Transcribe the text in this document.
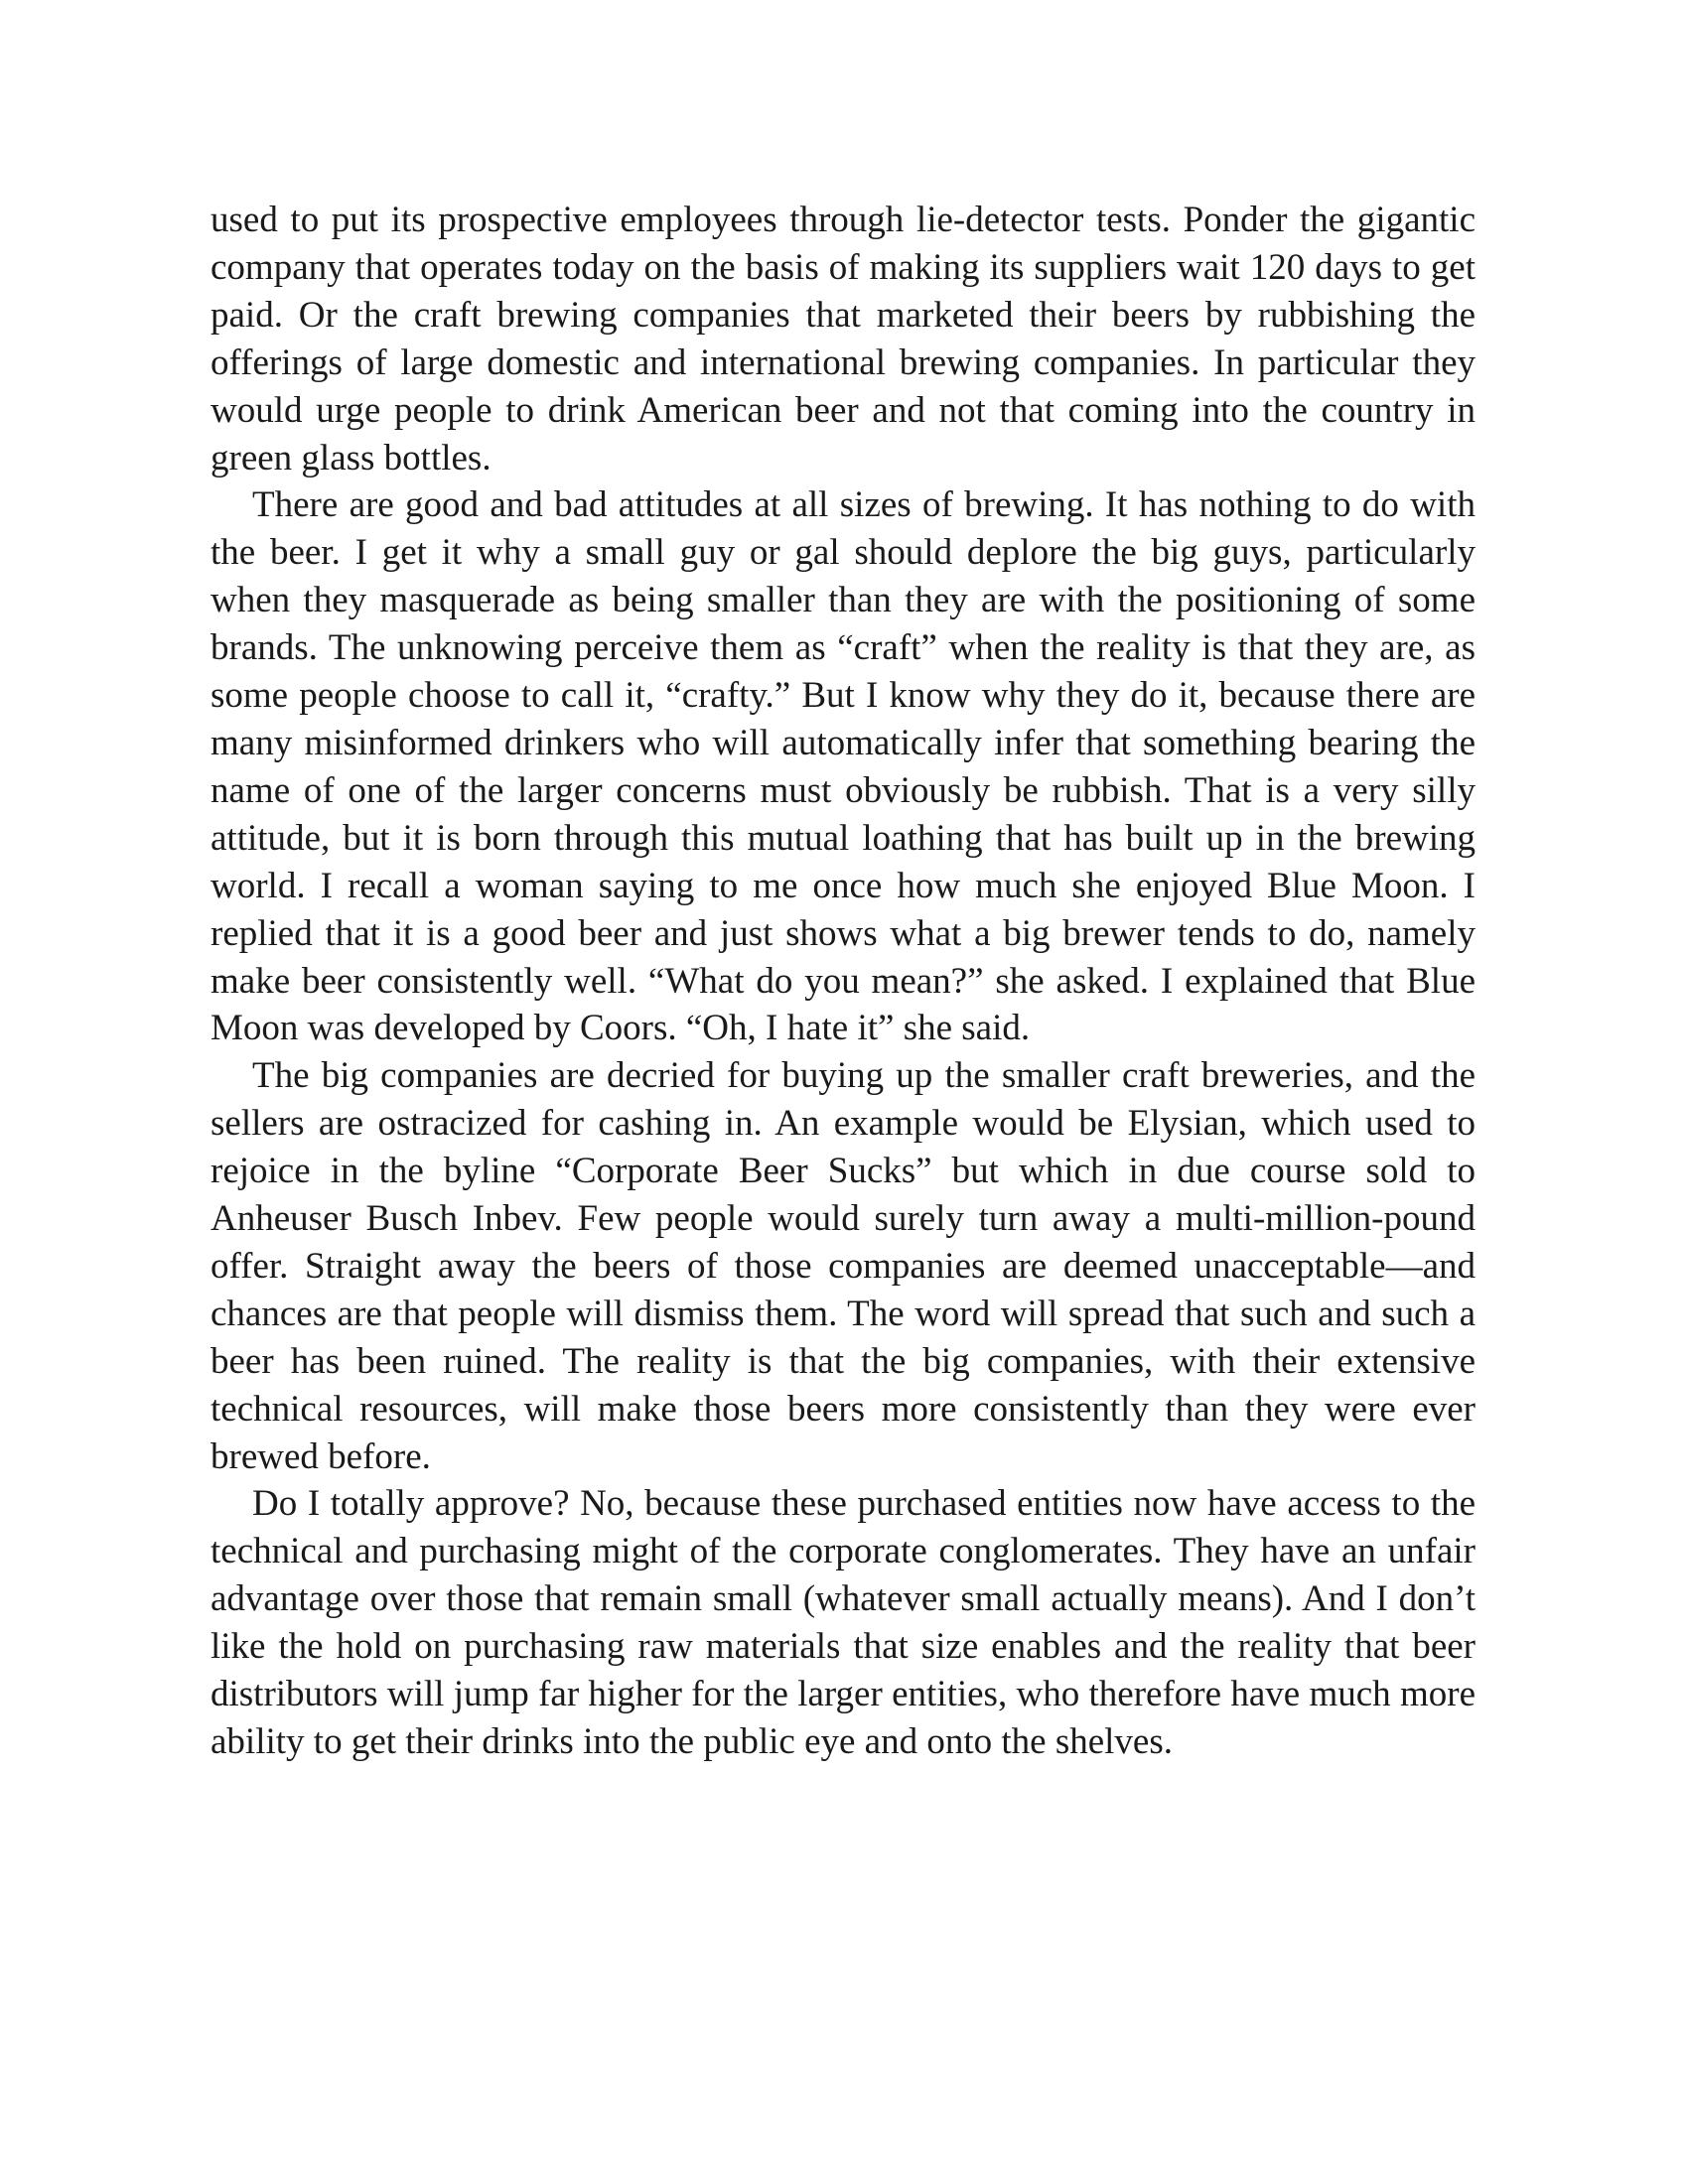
used to put its prospective employees through lie-detector tests. Ponder the gigantic company that operates today on the basis of making its suppliers wait 120 days to get paid. Or the craft brewing companies that marketed their beers by rubbishing the offerings of large domestic and international brewing companies. In particular they would urge people to drink American beer and not that coming into the country in green glass bottles.

There are good and bad attitudes at all sizes of brewing. It has nothing to do with the beer. I get it why a small guy or gal should deplore the big guys, particularly when they masquerade as being smaller than they are with the positioning of some brands. The unknowing perceive them as “craft” when the reality is that they are, as some people choose to call it, “crafty.” But I know why they do it, because there are many misinformed drinkers who will automatically infer that something bearing the name of one of the larger concerns must obviously be rubbish. That is a very silly attitude, but it is born through this mutual loathing that has built up in the brewing world. I recall a woman saying to me once how much she enjoyed Blue Moon. I replied that it is a good beer and just shows what a big brewer tends to do, namely make beer consistently well. “What do you mean?” she asked. I explained that Blue Moon was developed by Coors. “Oh, I hate it” she said.

The big companies are decried for buying up the smaller craft breweries, and the sellers are ostracized for cashing in. An example would be Elysian, which used to rejoice in the byline “Corporate Beer Sucks” but which in due course sold to Anheuser Busch Inbev. Few people would surely turn away a multi-million-pound offer. Straight away the beers of those companies are deemed unacceptable—and chances are that people will dismiss them. The word will spread that such and such a beer has been ruined. The reality is that the big companies, with their extensive technical resources, will make those beers more consistently than they were ever brewed before.

Do I totally approve? No, because these purchased entities now have access to the technical and purchasing might of the corporate conglomerates. They have an unfair advantage over those that remain small (whatever small actually means). And I don’t like the hold on purchasing raw materials that size enables and the reality that beer distributors will jump far higher for the larger entities, who therefore have much more ability to get their drinks into the public eye and onto the shelves.
